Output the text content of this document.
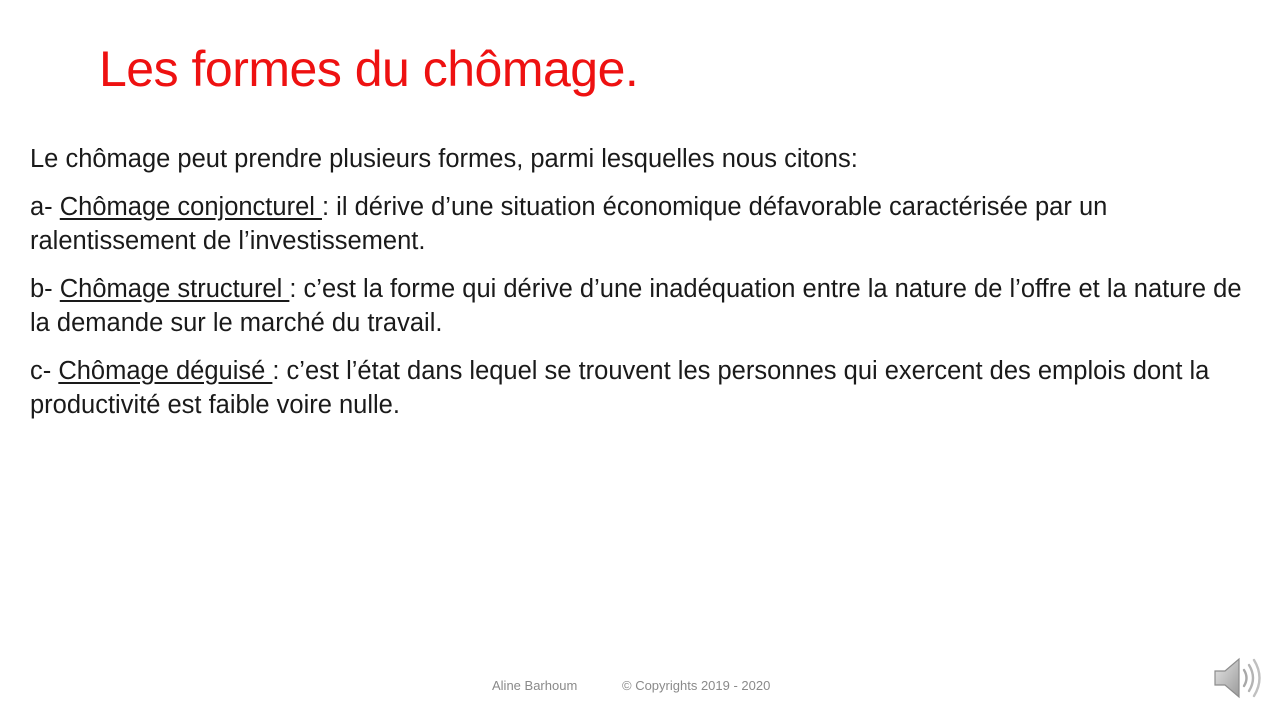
Les formes du chômage.

Le chômage peut prendre plusieurs formes, parmi lesquelles nous citons:

a- Chômage conjoncturel : il dérive d’une situation économique défavorable caractérisée par un ralentissement de l’investissement.

b- Chômage structurel : c’est la forme qui dérive d’une inadéquation entre la nature de l’offre et la nature de la demande sur le marché du travail.

c- Chômage déguisé : c’est l’état dans lequel se trouvent les personnes qui exercent des emplois dont la productivité est faible voire nulle.

Aline Barhoum	© Copyrights 2019 - 2020
